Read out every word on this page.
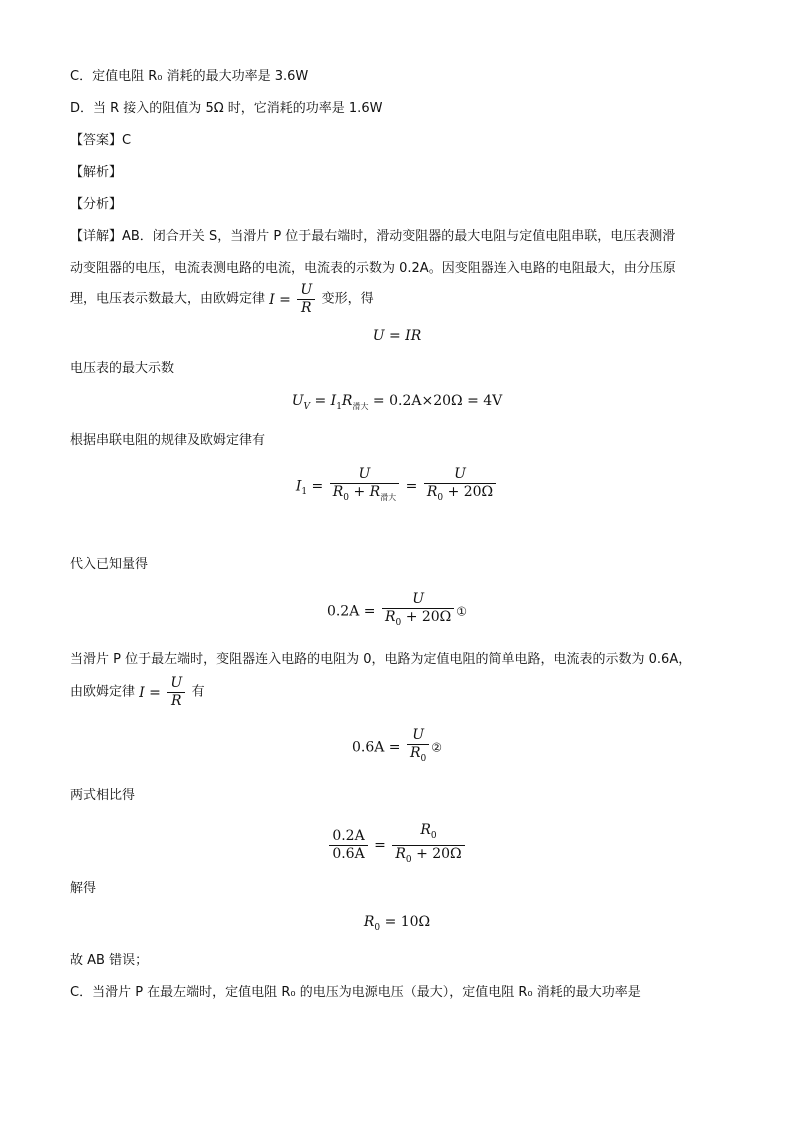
C．定值电阻 R₀ 消耗的最大功率是 3.6W
D．当 R 接入的阻值为 5Ω 时，它消耗的功率是 1.6W
【答案】C
【解析】
【分析】
【详解】AB．闭合开关 S，当滑片 P 位于最右端时，滑动变阻器的最大电阻与定值电阻串联，电压表测滑
动变阻器的电压，电流表测电路的电流，电流表的示数为 0.2A。因变阻器连入电路的电阻最大，由分压原
理，电压表示数最大，由欧姆定律 $I = \frac{U}{R}$ 变形，得
U = IR
电压表的最大示数
$U_V = I_1R_{滑大} = 0.2A\times 20\Omega = 4V$
根据串联电阻的规律及欧姆定律有
$I_1 = \frac{U}{R_0 + R_{滑大}} = \frac{U}{R_0 + 20\Omega}$
代入已知量得
$0.2A = \frac{U}{R_0 + 20\Omega}$ ①
当滑片 P 位于最左端时，变阻器连入电路的电阻为 0，电路为定值电阻的简单电路，电流表的示数为 0.6A，
由欧姆定律 $I = \frac{U}{R}$ 有
$0.6A = \frac{U}{R_0}$ ②
两式相比得
$\frac{0.2A}{0.6A} = \frac{R_0}{R_0 + 20\Omega}$
解得
$R_0 = 10\Omega$
故 AB 错误；
C．当滑片 P 在最左端时，定值电阻 R₀ 的电压为电源电压（最大），定值电阻 R₀ 消耗的最大功率是
